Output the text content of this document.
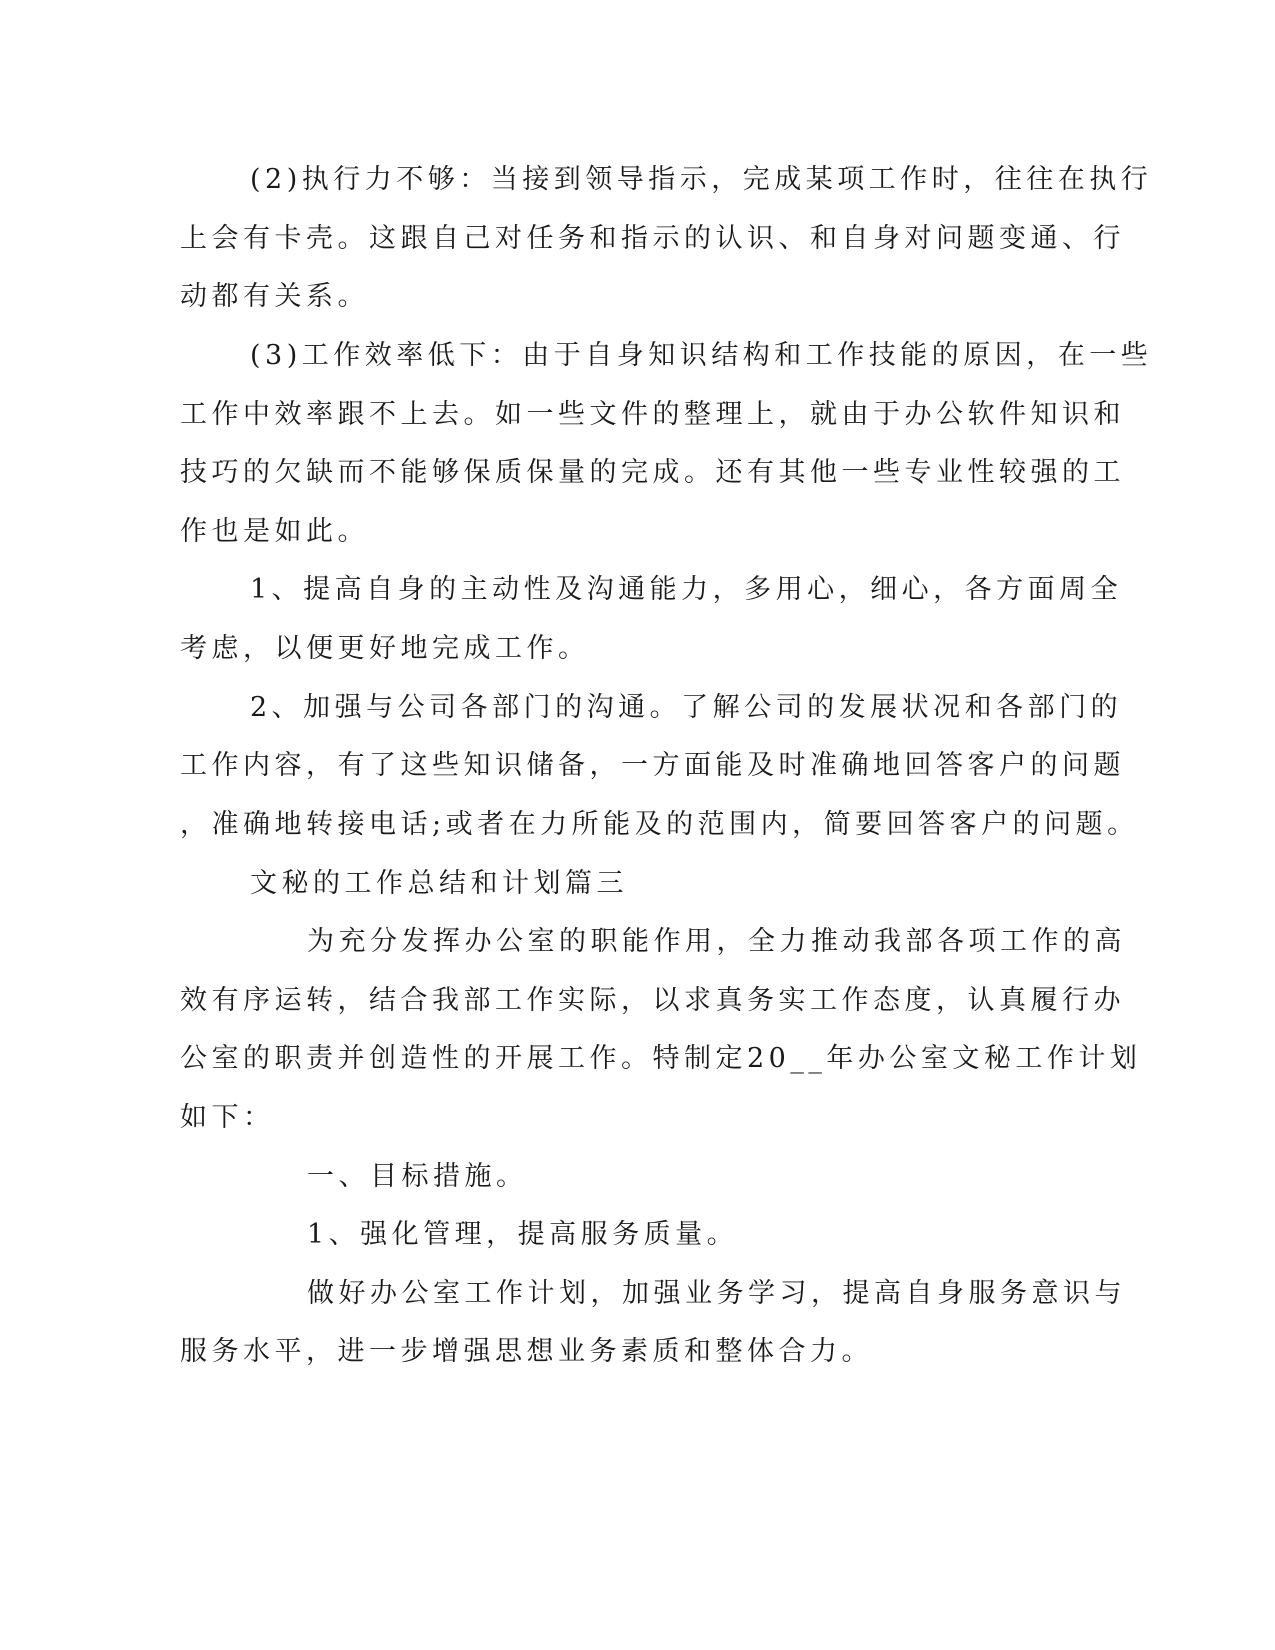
(2)执行力不够：当接到领导指示，完成某项工作时，往往在执行
上会有卡壳。这跟自己对任务和指示的认识、和自身对问题变通、行
动都有关系。
(3)工作效率低下：由于自身知识结构和工作技能的原因，在一些
工作中效率跟不上去。如一些文件的整理上，就由于办公软件知识和
技巧的欠缺而不能够保质保量的完成。还有其他一些专业性较强的工
作也是如此。
1、提高自身的主动性及沟通能力，多用心，细心，各方面周全
考虑，以便更好地完成工作。
2、加强与公司各部门的沟通。了解公司的发展状况和各部门的
工作内容，有了这些知识储备，一方面能及时准确地回答客户的问题
，准确地转接电话;或者在力所能及的范围内，简要回答客户的问题。
文秘的工作总结和计划篇三
为充分发挥办公室的职能作用，全力推动我部各项工作的高
效有序运转，结合我部工作实际，以求真务实工作态度，认真履行办
公室的职责并创造性的开展工作。特制定20__年办公室文秘工作计划
如下：
一、目标措施。
1、强化管理，提高服务质量。
做好办公室工作计划，加强业务学习，提高自身服务意识与
服务水平，进一步增强思想业务素质和整体合力。
